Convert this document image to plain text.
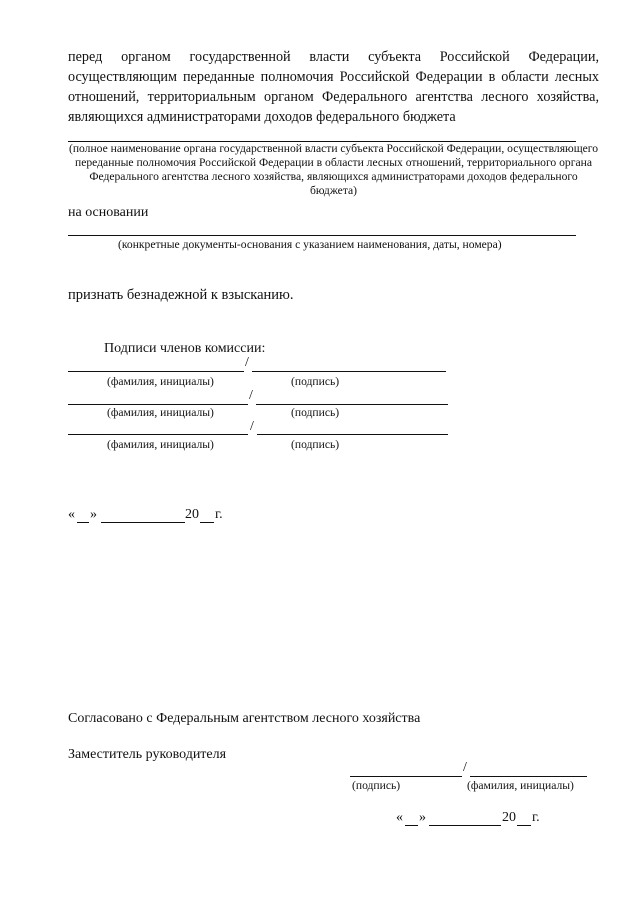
перед органом государственной власти субъекта Российской Федерации, осуществляющим переданные полномочия Российской Федерации в области лесных отношений, территориальным органом Федерального агентства лесного хозяйства, являющихся администраторами доходов федерального бюджета
(полное наименование органа государственной власти субъекта Российской Федерации, осуществляющего переданные полномочия Российской Федерации в области лесных отношений, территориального органа Федерального агентства лесного хозяйства, являющихся администраторами доходов федерального бюджета)
на основании
(конкретные документы-основания с указанием наименования, даты, номера)
признать безнадежной к взысканию.
Подписи членов комиссии:
/
(фамилия, инициалы)	(подпись)
/
(фамилия, инициалы)	(подпись)
/
(фамилия, инициалы)	(подпись)
« »	20 г.
Согласовано с Федеральным агентством лесного хозяйства
Заместитель руководителя
/
(подпись)	(фамилия, инициалы)
« »	20 г.
